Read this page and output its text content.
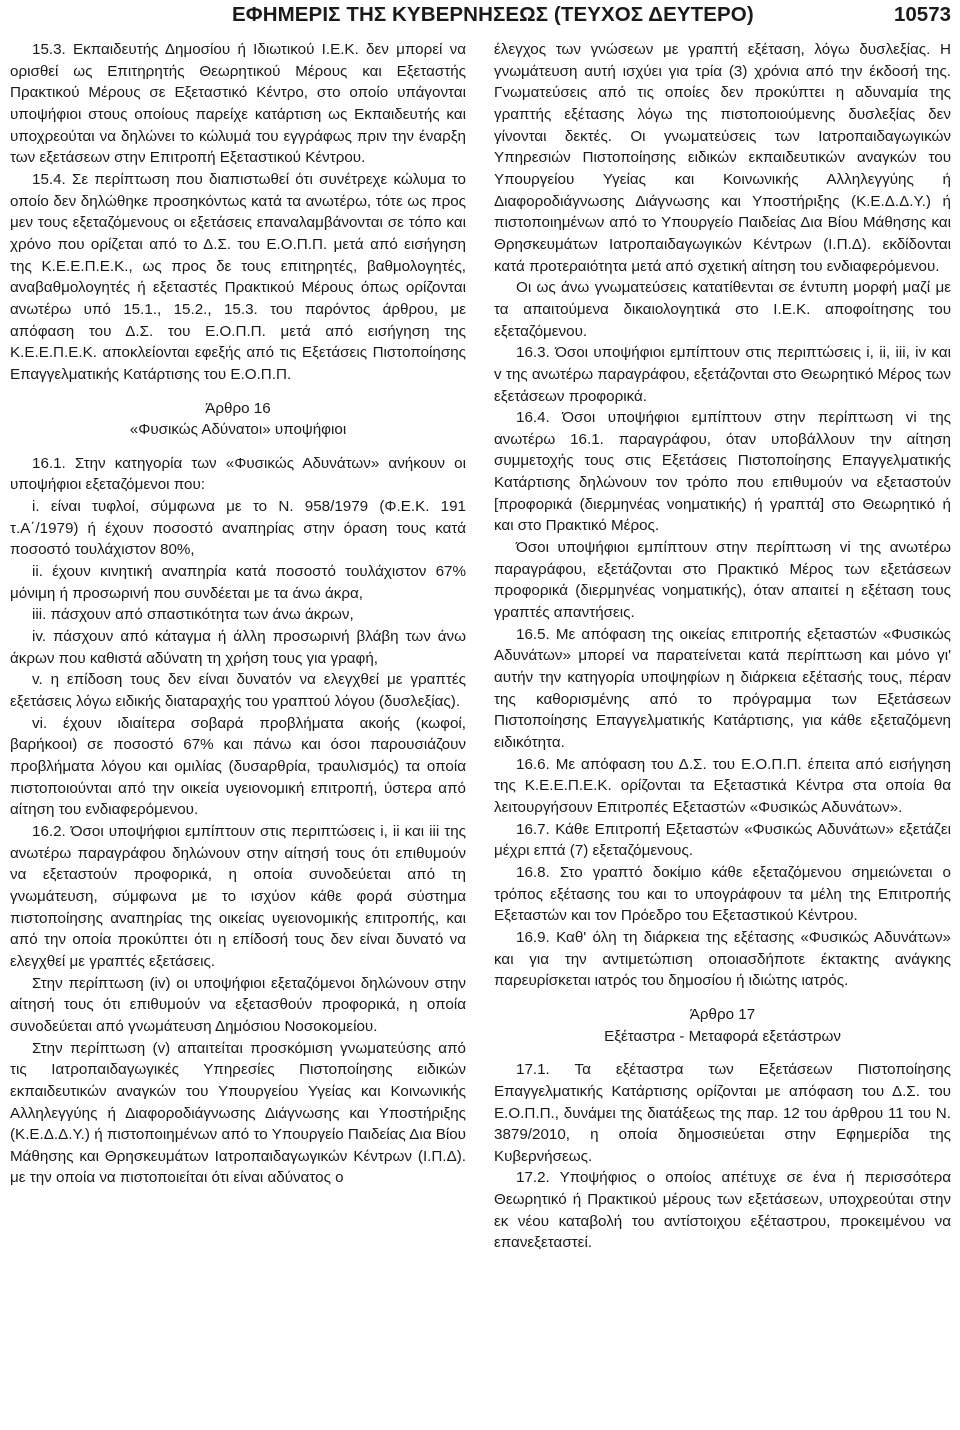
ΕΦΗΜΕΡΙΣ ΤΗΣ ΚΥΒΕΡΝΗΣΕΩΣ (ΤΕΥΧΟΣ ΔΕΥΤΕΡΟ)	10573

15.3. Εκπαιδευτής Δημοσίου ή Ιδιωτικού Ι.Ε.Κ. δεν μπορεί να ορισθεί ως Επιτηρητής Θεωρητικού Μέρους και Εξεταστής Πρακτικού Μέρους σε Εξεταστικό Κέντρο, στο οποίο υπάγονται υποψήφιοι στους οποίους παρείχε κατάρτιση ως Εκπαιδευτής και υποχρεούται να δηλώνει το κώλυμά του εγγράφως πριν την έναρξη των εξετάσεων στην Επιτροπή Εξεταστικού Κέντρου.

15.4. Σε περίπτωση που διαπιστωθεί ότι συνέτρεχε κώλυμα το οποίο δεν δηλώθηκε προσηκόντως κατά τα ανωτέρω, τότε ως προς μεν τους εξεταζόμενους οι εξετάσεις επαναλαμβάνονται σε τόπο και χρόνο που ορίζεται από το Δ.Σ. του Ε.Ο.Π.Π. μετά από εισήγηση της Κ.Ε.Ε.Π.Ε.Κ., ως προς δε τους επιτηρητές, βαθμολογητές, αναβαθμολογητές ή εξεταστές Πρακτικού Μέρους όπως ορίζονται ανωτέρω υπό 15.1., 15.2., 15.3. του παρόντος άρθρου, με απόφαση του Δ.Σ. του Ε.Ο.Π.Π. μετά από εισήγηση της Κ.Ε.Ε.Π.Ε.Κ. αποκλείονται εφεξής από τις Εξετάσεις Πιστοποίησης Επαγγελματικής Κατάρτισης του Ε.Ο.Π.Π.

Άρθρο 16

«Φυσικώς Αδύνατοι» υποψήφιοι

16.1. Στην κατηγορία των «Φυσικώς Αδυνάτων» ανήκουν οι υποψήφιοι εξεταζόμενοι που:

i. είναι τυφλοί, σύμφωνα με το Ν. 958/1979 (Φ.Ε.Κ. 191 τ.Α΄/1979) ή έχουν ποσοστό αναπηρίας στην όραση τους κατά ποσοστό τουλάχιστον 80%,

ii. έχουν κινητική αναπηρία κατά ποσοστό τουλάχιστον 67% μόνιμη ή προσωρινή που συνδέεται με τα άνω άκρα,

iii. πάσχουν από σπαστικότητα των άνω άκρων,

iv. πάσχουν από κάταγμα ή άλλη προσωρινή βλάβη των άνω άκρων που καθιστά αδύνατη τη χρήση τους για γραφή,

v. η επίδοση τους δεν είναι δυνατόν να ελεγχθεί με γραπτές εξετάσεις λόγω ειδικής διαταραχής του γραπτού λόγου (δυσλεξίας).

vi. έχουν ιδιαίτερα σοβαρά προβλήματα ακοής (κωφοί, βαρήκοοι) σε ποσοστό 67% και πάνω και όσοι παρουσιάζουν προβλήματα λόγου και ομιλίας (δυσαρθρία, τραυλισμός) τα οποία πιστοποιούνται από την οικεία υγειονομική επιτροπή, ύστερα από αίτηση του ενδιαφερόμενου.

16.2. Όσοι υποψήφιοι εμπίπτουν στις περιπτώσεις i, ii και iii της ανωτέρω παραγράφου δηλώνουν στην αίτησή τους ότι επιθυμούν να εξεταστούν προφορικά, η οποία συνοδεύεται από τη γνωμάτευση, σύμφωνα με το ισχύον κάθε φορά σύστημα πιστοποίησης αναπηρίας της οικείας υγειονομικής επιτροπής, και από την οποία προκύπτει ότι η επίδοσή τους δεν είναι δυνατό να ελεγχθεί με γραπτές εξετάσεις.

Στην περίπτωση (iv) οι υποψήφιοι εξεταζόμενοι δηλώνουν στην αίτησή τους ότι επιθυμούν να εξετασθούν προφορικά, η οποία συνοδεύεται από γνωμάτευση Δημόσιου Νοσοκομείου.

Στην περίπτωση (v) απαιτείται προσκόμιση γνωματεύσης από τις Ιατροπαιδαγωγικές Υπηρεσίες Πιστοποίησης ειδικών εκπαιδευτικών αναγκών του Υπουργείου Υγείας και Κοινωνικής Αλληλεγγύης ή Διαφοροδιάγνωσης Διάγνωσης και Υποστήριξης (Κ.Ε.Δ.Δ.Υ.) ή πιστοποιημένων από το Υπουργείο Παιδείας Δια Βίου Μάθησης και Θρησκευμάτων Ιατροπαιδαγωγικών Κέντρων (Ι.Π.Δ). με την οποία να πιστοποιείται ότι είναι αδύνατος ο

έλεγχος των γνώσεων με γραπτή εξέταση, λόγω δυσλεξίας. Η γνωμάτευση αυτή ισχύει για τρία (3) χρόνια από την έκδοσή της. Γνωματεύσεις από τις οποίες δεν προκύπτει η αδυναμία της γραπτής εξέτασης λόγω της πιστοποιούμενης δυσλεξίας δεν γίνονται δεκτές. Οι γνωματεύσεις των Ιατροπαιδαγωγικών Υπηρεσιών Πιστοποίησης ειδικών εκπαιδευτικών αναγκών του Υπουργείου Υγείας και Κοινωνικής Αλληλεγγύης ή Διαφοροδιάγνωσης Διάγνωσης και Υποστήριξης (Κ.Ε.Δ.Δ.Υ.) ή πιστοποιημένων από το Υπουργείο Παιδείας Δια Βίου Μάθησης και Θρησκευμάτων Ιατροπαιδαγωγικών Κέντρων (Ι.Π.Δ). εκδίδονται κατά προτεραιότητα μετά από σχετική αίτηση του ενδιαφερόμενου.

Οι ως άνω γνωματεύσεις κατατίθενται σε έντυπη μορφή μαζί με τα απαιτούμενα δικαιολογητικά στο Ι.Ε.Κ. αποφοίτησης του εξεταζόμενου.

16.3. Όσοι υποψήφιοι εμπίπτουν στις περιπτώσεις i, ii, iii, iv και v της ανωτέρω παραγράφου, εξετάζονται στο Θεωρητικό Μέρος των εξετάσεων προφορικά.

16.4. Όσοι υποψήφιοι εμπίπτουν στην περίπτωση vi της ανωτέρω 16.1. παραγράφου, όταν υποβάλλουν την αίτηση συμμετοχής τους στις Εξετάσεις Πιστοποίησης Επαγγελματικής Κατάρτισης δηλώνουν τον τρόπο που επιθυμούν να εξεταστούν [προφορικά (διερμηνέας νοηματικής) ή γραπτά] στο Θεωρητικό ή και στο Πρακτικό Μέρος.

Όσοι υποψήφιοι εμπίπτουν στην περίπτωση vi της ανωτέρω παραγράφου, εξετάζονται στο Πρακτικό Μέρος των εξετάσεων προφορικά (διερμηνέας νοηματικής), όταν απαιτεί η εξέταση τους γραπτές απαντήσεις.

16.5. Με απόφαση της οικείας επιτροπής εξεταστών «Φυσικώς Αδυνάτων» μπορεί να παρατείνεται κατά περίπτωση και μόνο γι' αυτήν την κατηγορία υποψηφίων η διάρκεια εξέτασής τους, πέραν της καθορισμένης από το πρόγραμμα των Εξετάσεων Πιστοποίησης Επαγγελματικής Κατάρτισης, για κάθε εξεταζόμενη ειδικότητα.

16.6. Με απόφαση του Δ.Σ. του Ε.Ο.Π.Π. έπειτα από εισήγηση της Κ.Ε.Ε.Π.Ε.Κ. ορίζονται τα Εξεταστικά Κέντρα στα οποία θα λειτουργήσουν Επιτροπές Εξεταστών «Φυσικώς Αδυνάτων».

16.7. Κάθε Επιτροπή Εξεταστών «Φυσικώς Αδυνάτων» εξετάζει μέχρι επτά (7) εξεταζόμενους.

16.8. Στο γραπτό δοκίμιο κάθε εξεταζόμενου σημειώνεται ο τρόπος εξέτασης του και το υπογράφουν τα μέλη της Επιτροπής Εξεταστών και τον Πρόεδρο του Εξεταστικού Κέντρου.

16.9. Καθ' όλη τη διάρκεια της εξέτασης «Φυσικώς Αδυνάτων» και για την αντιμετώπιση οποιασδήποτε έκτακτης ανάγκης παρευρίσκεται ιατρός του δημοσίου ή ιδιώτης ιατρός.

Άρθρο 17

Εξέταστρα - Μεταφορά εξετάστρων

17.1. Τα εξέταστρα των Εξετάσεων Πιστοποίησης Επαγγελματικής Κατάρτισης ορίζονται με απόφαση του Δ.Σ. του Ε.Ο.Π.Π., δυνάμει της διατάξεως της παρ. 12 του άρθρου 11 του Ν. 3879/2010, η οποία δημοσιεύεται στην Εφημερίδα της Κυβερνήσεως.

17.2. Υποψήφιος ο οποίος απέτυχε σε ένα ή περισσότερα Θεωρητικό ή Πρακτικού μέρους των εξετάσεων, υποχρεούται στην εκ νέου καταβολή του αντίστοιχου εξέταστρου, προκειμένου να επανεξεταστεί.
